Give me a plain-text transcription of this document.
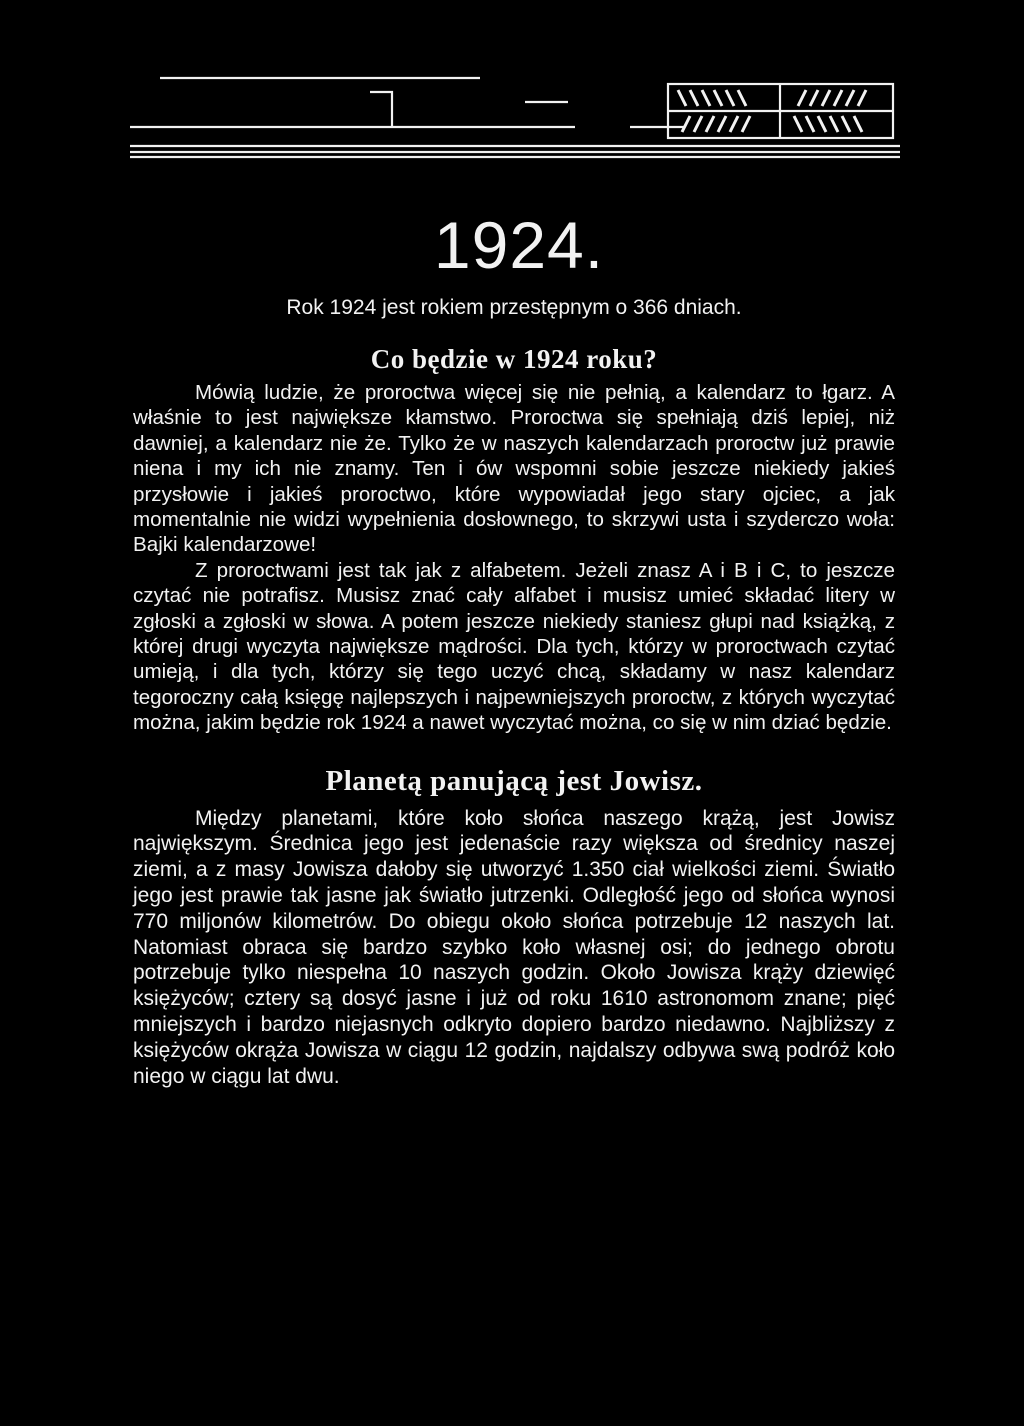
1924.
Rok 1924 jest rokiem przestępnym o 366 dniach.
Co będzie w 1924 roku?

Mówią ludzie, że proroctwa więcej się nie pełnią, a kalendarz to łgarz. A właśnie to jest największe kłamstwo. Proroctwa się spełniają dziś lepiej, niż dawniej, a kalendarz nie że. Tylko że w naszych kalendarzach proroctw już prawie niena i my ich nie znamy. Ten i ów wspomni sobie jeszcze niekiedy jakieś przysłowie i jakieś proroctwo, które wypowiadał jego stary ojciec, a jak momentalnie nie widzi wypełnienia dosłownego, to skrzywi usta i szyderczo woła: Bajki kalendarzowe!

Z proroctwami jest tak jak z alfabetem. Jeżeli znasz A i B i C, to jeszcze czytać nie potrafisz. Musisz znać cały alfabet i musisz umieć składać litery w zgłoski a zgłoski w słowa. A potem jeszcze niekiedy staniesz głupi nad książką, z której drugi wyczyta największe mądrości. Dla tych, którzy w proroctwach czytać umieją, i dla tych, którzy się tego uczyć chcą, składamy w nasz kalendarz tegoroczny całą księgę najlepszych i najpewniejszych proroctw, z których wyczytać można, jakim będzie rok 1924 a nawet wyczytać można, co się w nim dziać będzie.

Planetą panującą jest Jowisz.

Między planetami, które koło słońca naszego krążą, jest Jowisz największym. Średnica jego jest jedenaście razy większa od średnicy naszej ziemi, a z masy Jowisza dałoby się utworzyć 1.350 ciał wielkości ziemi. Światło jego jest prawie tak jasne jak światło jutrzenki. Odległość jego od słońca wynosi 770 miljonów kilometrów. Do obiegu około słońca potrzebuje 12 naszych lat. Natomiast obraca się bardzo szybko koło własnej osi; do jednego obrotu potrzebuje tylko niespełna 10 naszych godzin. Około Jowisza krąży dziewięć księżyców; cztery są dosyć jasne i już od roku 1610 astronomom znane; pięć mniejszych i bardzo niejasnych odkryto dopiero bardzo niedawno. Najbliższy z księżyców okrąża Jowisza w ciągu 12 godzin, najdalszy odbywa swą podróż koło niego w ciągu lat dwu.
